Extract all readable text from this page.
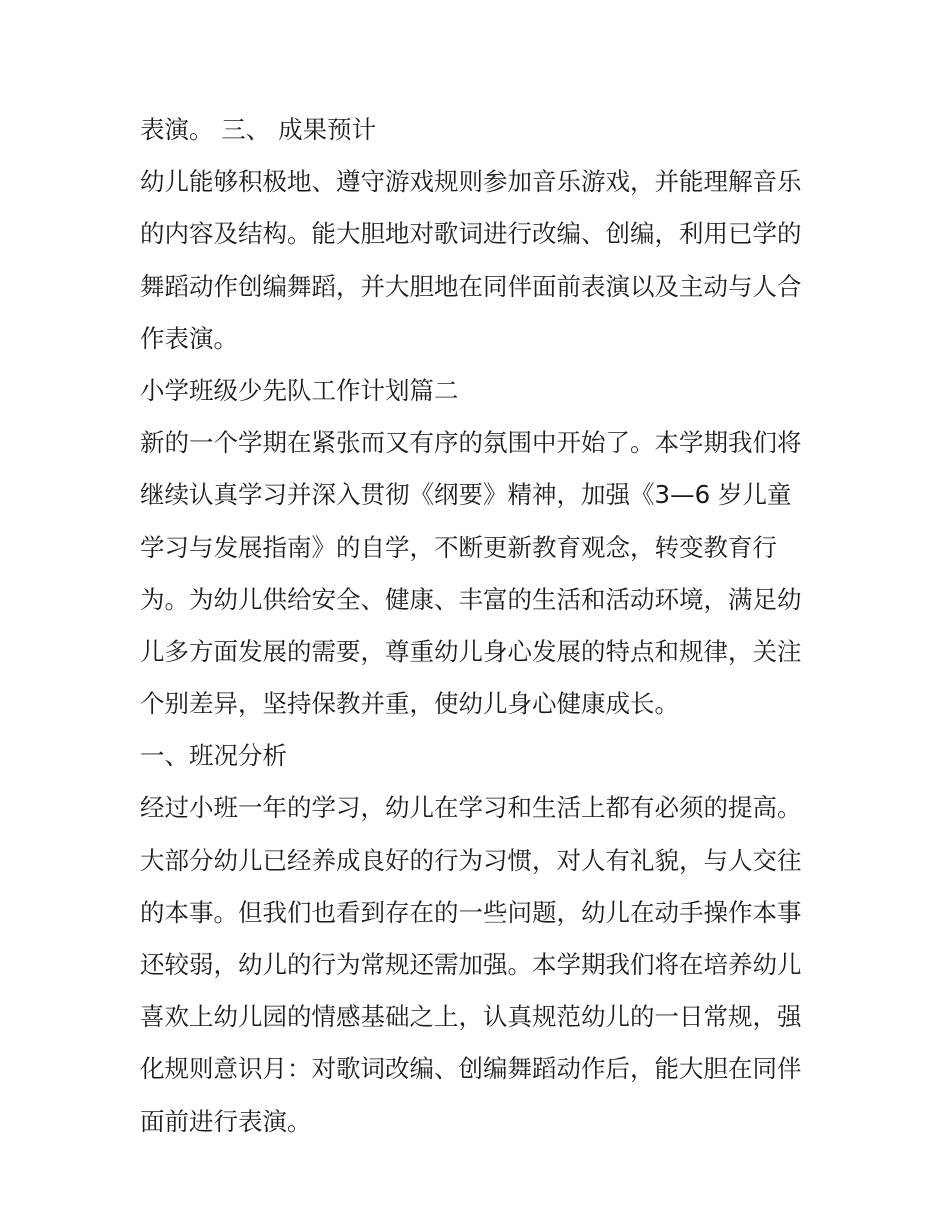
表演。 三、 成果预计
幼儿能够积极地、遵守游戏规则参加音乐游戏，并能理解音乐
的内容及结构。能大胆地对歌词进行改编、创编，利用已学的
舞蹈动作创编舞蹈，并大胆地在同伴面前表演以及主动与人合
作表演。
小学班级少先队工作计划篇二
新的一个学期在紧张而又有序的氛围中开始了。本学期我们将
继续认真学习并深入贯彻《纲要》精神，加强《3—6 岁儿童
学习与发展指南》的自学，不断更新教育观念，转变教育行
为。为幼儿供给安全、健康、丰富的生活和活动环境，满足幼
儿多方面发展的需要，尊重幼儿身心发展的特点和规律，关注
个别差异，坚持保教并重，使幼儿身心健康成长。
一、班况分析
经过小班一年的学习，幼儿在学习和生活上都有必须的提高。
大部分幼儿已经养成良好的行为习惯，对人有礼貌，与人交往
的本事。但我们也看到存在的一些问题，幼儿在动手操作本事
还较弱，幼儿的行为常规还需加强。本学期我们将在培养幼儿
喜欢上幼儿园的情感基础之上，认真规范幼儿的一日常规，强
化规则意识月：对歌词改编、创编舞蹈动作后，能大胆在同伴
面前进行表演。
